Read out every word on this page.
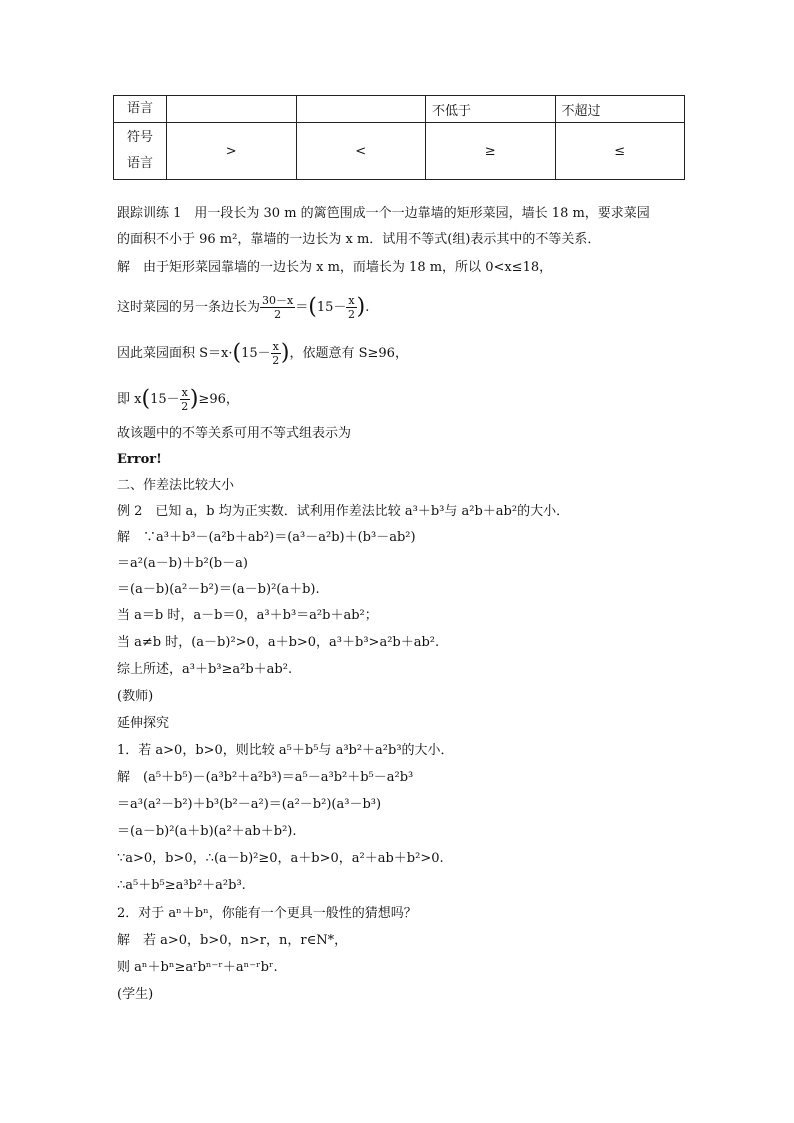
语言			不低于	不超过

符号
语言	>	<	≥	≤
跟踪训练 1　用一段长为 30 m 的篱笆围成一个一边靠墙的矩形菜园，墙长 18 m，要求菜园
的面积不小于 96 m²，靠墙的一边长为 x m．试用不等式(组)表示其中的不等关系．
解　由于矩形菜园靠墙的一边长为 x m，而墙长为 18 m，所以 0<x≤18，
这时菜园的另一条边长为 $\frac{30-x}{2} =(15- \frac{x}{2}$ ).
因此菜园面积 $S=x\cdot(15- \frac{x}{2}$ )，依题意有 S≥96，
即 $x(15- \frac{x}{2} )\ge 96$，
故该题中的不等关系可用不等式组表示为
Error!
二、作差法比较大小
例 2　已知 a，b 均为正实数．试利用作差法比较 a³＋b³与 a²b＋ab²的大小．
解　∵a³＋b³－(a²b＋ab²)＝(a³－a²b)＋(b³－ab²)
＝a²(a－b)＋b²(b－a)
＝(a－b)(a²－b²)＝(a－b)²(a＋b).
当 a＝b 时，a－b＝0，a³＋b³＝a²b＋ab²；
当 a≠b 时，(a－b)²>0，a＋b>0，a³＋b³>a²b＋ab².
综上所述，a³＋b³≥a²b＋ab².
(教师)
延伸探究
1．若 a>0，b>0，则比较 a⁵＋b⁵与 a³b²＋a²b³的大小．
解　(a⁵＋b⁵)－(a³b²＋a²b³)＝a⁵－a³b²＋b⁵－a²b³
＝a³(a²－b²)＋b³(b²－a²)＝(a²－b²)(a³－b³)
＝(a－b)²(a＋b)(a²＋ab＋b²).
∵a>0，b>0，∴(a－b)²≥0，a＋b>0，a²＋ab＋b²>0.
∴a⁵＋b⁵≥a³b²＋a²b³.
2．对于 aⁿ＋bⁿ，你能有一个更具一般性的猜想吗？
解　若 a>0，b>0，n>r，n，r∈N*，
则 aⁿ＋bⁿ≥aʳbⁿ⁻ʳ＋aⁿ⁻ʳbʳ.
(学生)
